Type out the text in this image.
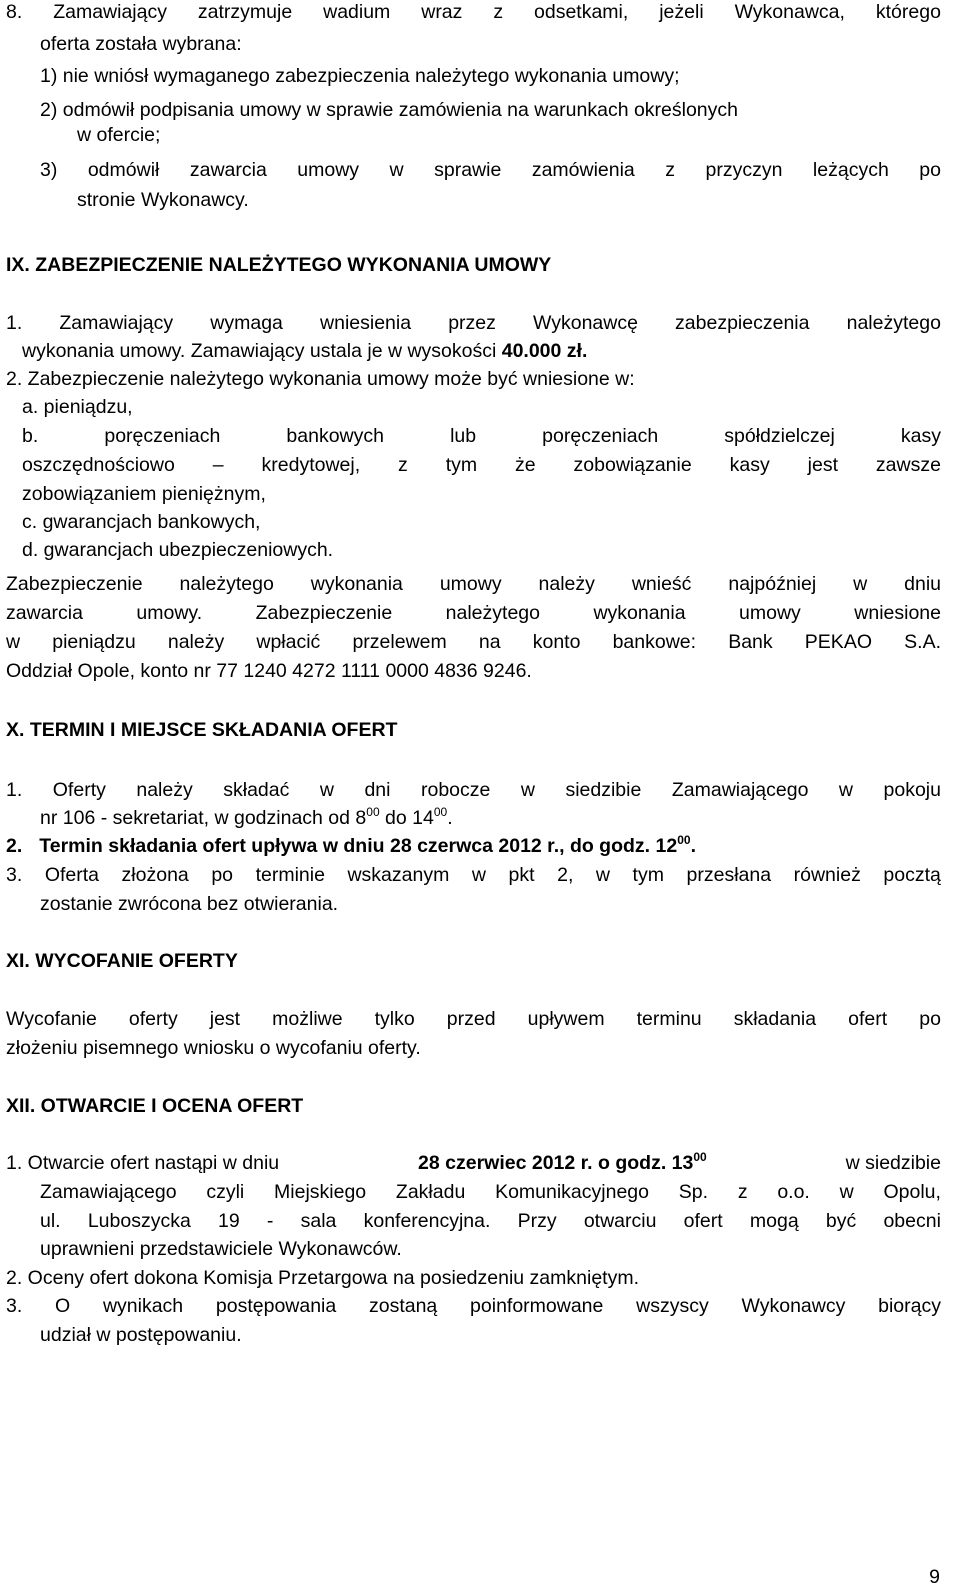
8. Zamawiający zatrzymuje wadium wraz z odsetkami, jeżeli Wykonawca, którego
oferta została wybrana:
1) nie wniósł wymaganego zabezpieczenia należytego wykonania umowy;
2) odmówił podpisania umowy w sprawie zamówienia na warunkach określonych
w ofercie;
3) odmówił zawarcia umowy w sprawie zamówienia z przyczyn leżących po
stronie Wykonawcy.
IX. ZABEZPIECZENIE NALEŻYTEGO WYKONANIA UMOWY
1. Zamawiający wymaga wniesienia przez Wykonawcę zabezpieczenia należytego
wykonania umowy. Zamawiający ustala je w wysokości 40.000 zł.
2. Zabezpieczenie należytego wykonania umowy może być wniesione w:
a. pieniądzu,
b.	poręczeniach	bankowych	lub	poręczeniach	spółdzielczej	kasy
oszczędnościowo – kredytowej, z tym że zobowiązanie kasy jest zawsze
zobowiązaniem pieniężnym,
c. gwarancjach bankowych,
d. gwarancjach ubezpieczeniowych.
Zabezpieczenie należytego wykonania umowy należy wnieść najpóźniej w dniu
zawarcia	umowy.	Zabezpieczenie	należytego	wykonania	umowy	wniesione
w pieniądzu należy wpłacić przelewem na konto bankowe: Bank PEKAO S.A.
Oddział Opole, konto nr 77 1240 4272 1111 0000 4836 9246.
X. TERMIN I MIEJSCE SKŁADANIA OFERT
1. Oferty należy składać w dni robocze w siedzibie Zamawiającego w pokoju
nr 106 - sekretariat, w godzinach od $8^{00}$ do $14^{00}$.
2. Termin składania ofert upływa w dniu 28 czerwca 2012 r., do godz. $12^{00}$.
3. Oferta złożona po terminie wskazanym w pkt 2, w tym przesłana również pocztą
zostanie zwrócona bez otwierania.
XI. WYCOFANIE OFERTY
Wycofanie oferty jest możliwe tylko przed upływem terminu składania ofert po
złożeniu pisemnego wniosku o wycofaniu oferty.
XII. OTWARCIE I OCENA OFERT
1. Otwarcie ofert nastąpi w dniu	28 czerwiec 2012 r. o godz. $13^{00}$	w siedzibie
Zamawiającego czyli Miejskiego Zakładu Komunikacyjnego Sp. z o.o. w Opolu,
ul. Luboszycka 19 - sala konferencyjna. Przy otwarciu ofert mogą być obecni
uprawnieni przedstawiciele Wykonawców.
2. Oceny ofert dokona Komisja Przetargowa na posiedzeniu zamkniętym.
3. O wynikach postępowania zostaną poinformowane wszyscy Wykonawcy biorący
udział w postępowaniu.
9
